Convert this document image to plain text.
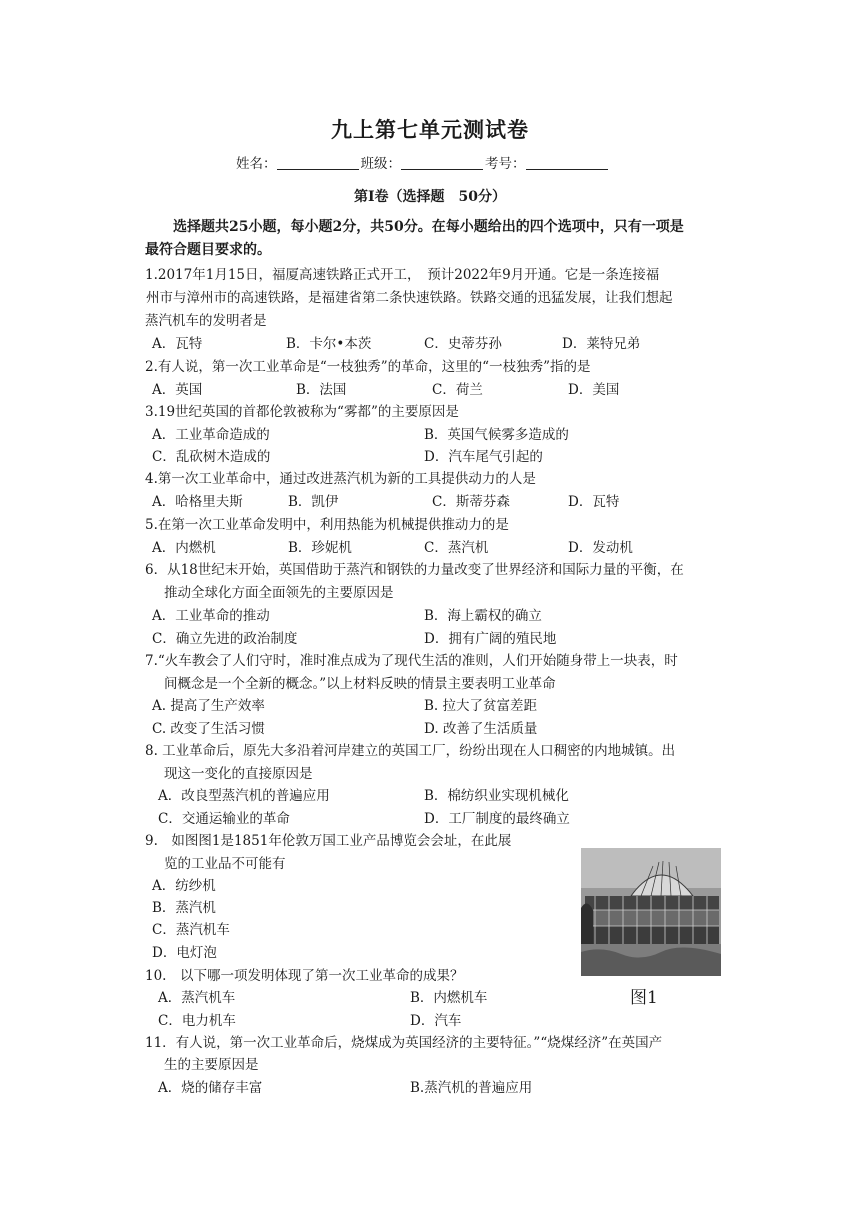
九上第七单元测试卷
姓名：	班级：	考号：
第Ⅰ卷（选择题　50分）
选择题共25小题，每小题2分，共50分。在每小题给出的四个选项中，只有一项是
最符合题目要求的。
1.2017年1月15日，福厦高速铁路正式开工，　预计2022年9月开通。它是一条连接福
州市与漳州市的高速铁路，是福建省第二条快速铁路。铁路交通的迅猛发展，让我们想起
蒸汽机车的发明者是
A．瓦特	B．卡尔•本茨	C．史蒂芬孙	D．莱特兄弟
2.有人说，第一次工业革命是“一枝独秀”的革命，这里的“一枝独秀”指的是
A．英国	B．法国	C．荷兰	D．美国
3.19世纪英国的首都伦敦被称为“雾都”的主要原因是
A．工业革命造成的	B．英国气候雾多造成的
C．乱砍树木造成的	D．汽车尾气引起的
4.第一次工业革命中，通过改进蒸汽机为新的工具提供动力的人是
A．哈格里夫斯	B．凯伊	C．斯蒂芬森	D．瓦特
5.在第一次工业革命发明中，利用热能为机械提供推动力的是
A．内燃机	B．珍妮机	C．蒸汽机	D．发动机
6．从18世纪末开始，英国借助于蒸汽和钢铁的力量改变了世界经济和国际力量的平衡，在
推动全球化方面全面领先的主要原因是
A．工业革命的推动	B．海上霸权的确立
C．确立先进的政治制度	D．拥有广阔的殖民地
7.“火车教会了人们守时，准时准点成为了现代生活的准则，人们开始随身带上一块表，时
间概念是一个全新的概念。”以上材料反映的情景主要表明工业革命
A. 提高了生产效率	B. 拉大了贫富差距
C. 改变了生活习惯	D. 改善了生活质量
8. 工业革命后，原先大多沿着河岸建立的英国工厂，纷纷出现在人口稠密的内地城镇。出
现这一变化的直接原因是
A．改良型蒸汽机的普遍应用	B．棉纺织业实现机械化
C．交通运输业的革命	D．工厂制度的最终确立
9.　如图图1是1851年伦敦万国工业产品博览会会址，在此展
览的工业品不可能有
A．纺纱机
B．蒸汽机
C．蒸汽机车
D．电灯泡
图1
10.　以下哪一项发明体现了第一次工业革命的成果？
A．蒸汽机车	B．内燃机车
C．电力机车	D．汽车
11．有人说，第一次工业革命后，烧煤成为英国经济的主要特征。”“烧煤经济”在英国产
生的主要原因是
A．烧的储存丰富	B.蒸汽机的普遍应用
